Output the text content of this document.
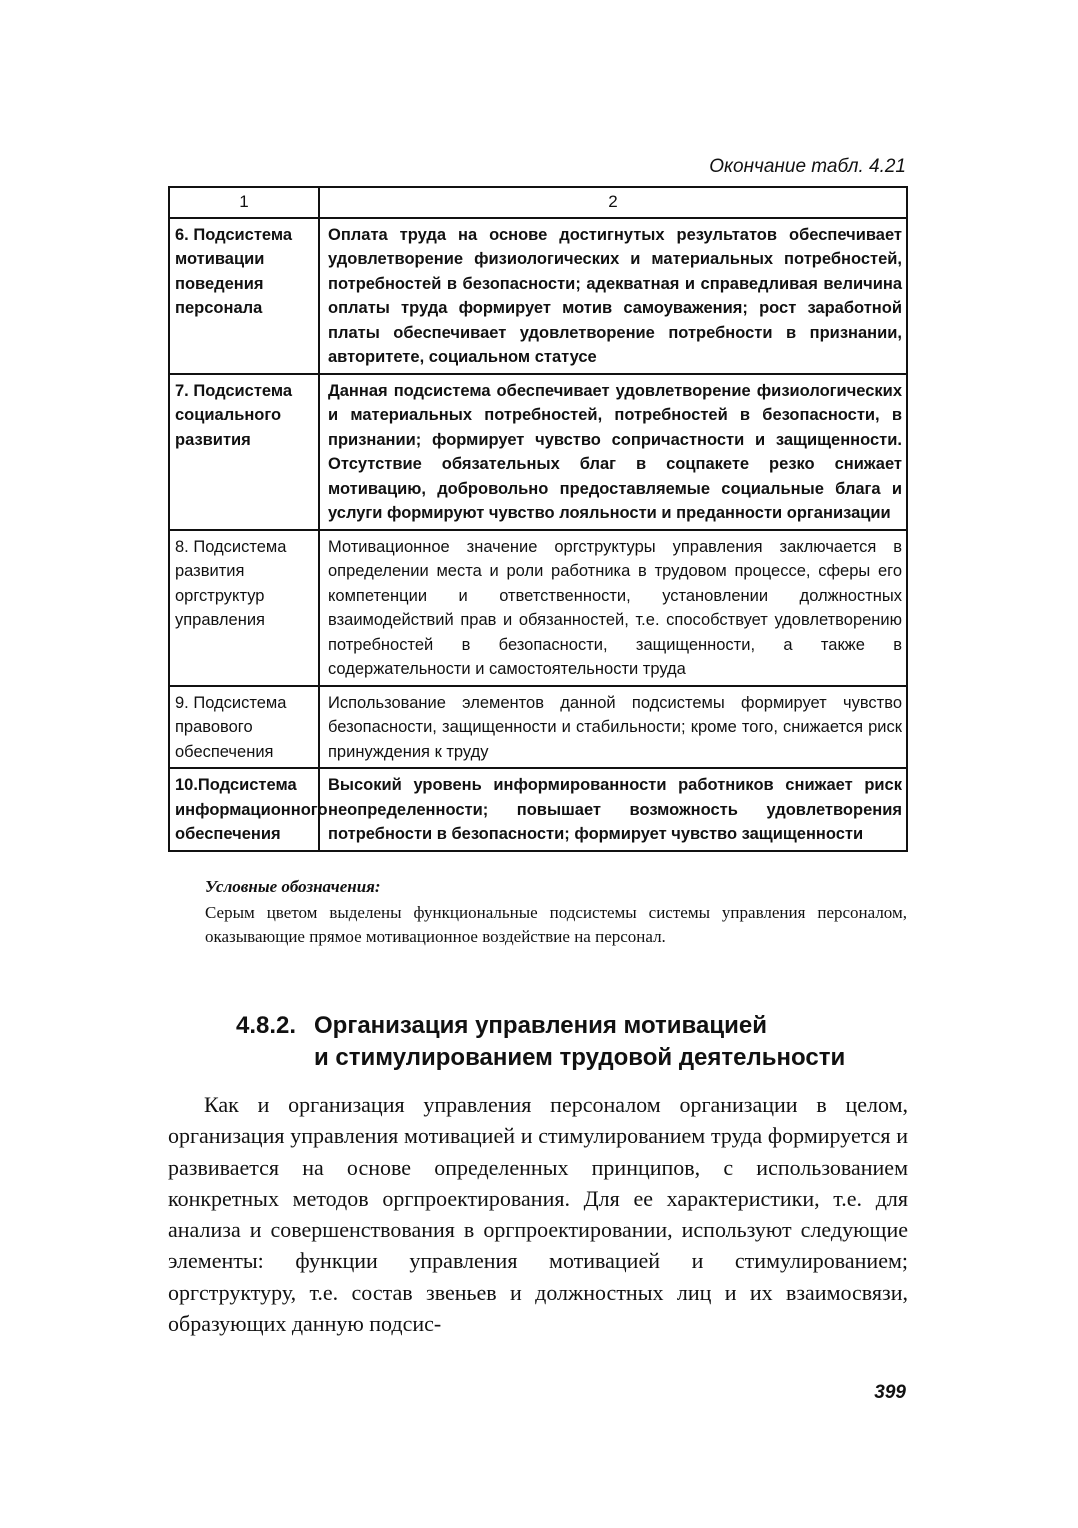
Окончание табл. 4.21
1	2
6. Подсистема мотивации поведения персонала	Оплата труда на основе достигнутых результатов обеспечивает удовлетворение физиологических и материальных потребностей, потребностей в безопасности; адекватная и справедливая величина оплаты труда формирует мотив самоуважения; рост заработной платы обеспечивает удовлетворение потребности в признании, авторитете, социальном статусе
7. Подсистема социального развития	Данная подсистема обеспечивает удовлетворение физиологических и материальных потребностей, потребностей в безопасности, в признании; формирует чувство сопричастности и защищенности. Отсутствие обязательных благ в соцпакете резко снижает мотивацию, добровольно предоставляемые социальные блага и услуги формируют чувство лояльности и преданности организации
8. Подсистема развития оргструктур управления	Мотивационное значение оргструктуры управления заключается в определении места и роли работника в трудовом процессе, сферы его компетенции и ответственности, установлении должностных взаимодействий прав и обязанностей, т.е. способствует удовлетворению потребностей в безопасности, защищенности, а также в содержательности и самостоятельности труда
9. Подсистема правового обеспечения	Использование элементов данной подсистемы формирует чувство безопасности, защищенности и стабильности; кроме того, снижается риск принуждения к труду
10.Подсистема информационного обеспечения	Высокий уровень информированности работников снижает риск неопределенности; повышает возможность удовлетворения потребности в безопасности; формирует чувство защищенности
Условные обозначения:
Серым цветом выделены функциональные подсистемы системы управления персоналом, оказывающие прямое мотивационное воздействие на персонал.
4.8.2. Организация управления мотивацией
и стимулированием трудовой деятельности
Как и организация управления персоналом организации в целом, организация управления мотивацией и стимулированием труда формируется и развивается на основе определенных принципов, с использованием конкретных методов оргпроектирования. Для ее характеристики, т.е. для анализа и совершенствования в оргпроектировании, используют следующие элементы: функции управления мотивацией и стимулированием; оргструктуру, т.е. состав звеньев и должностных лиц и их взаимосвязи, образующих данную подсис-
399
